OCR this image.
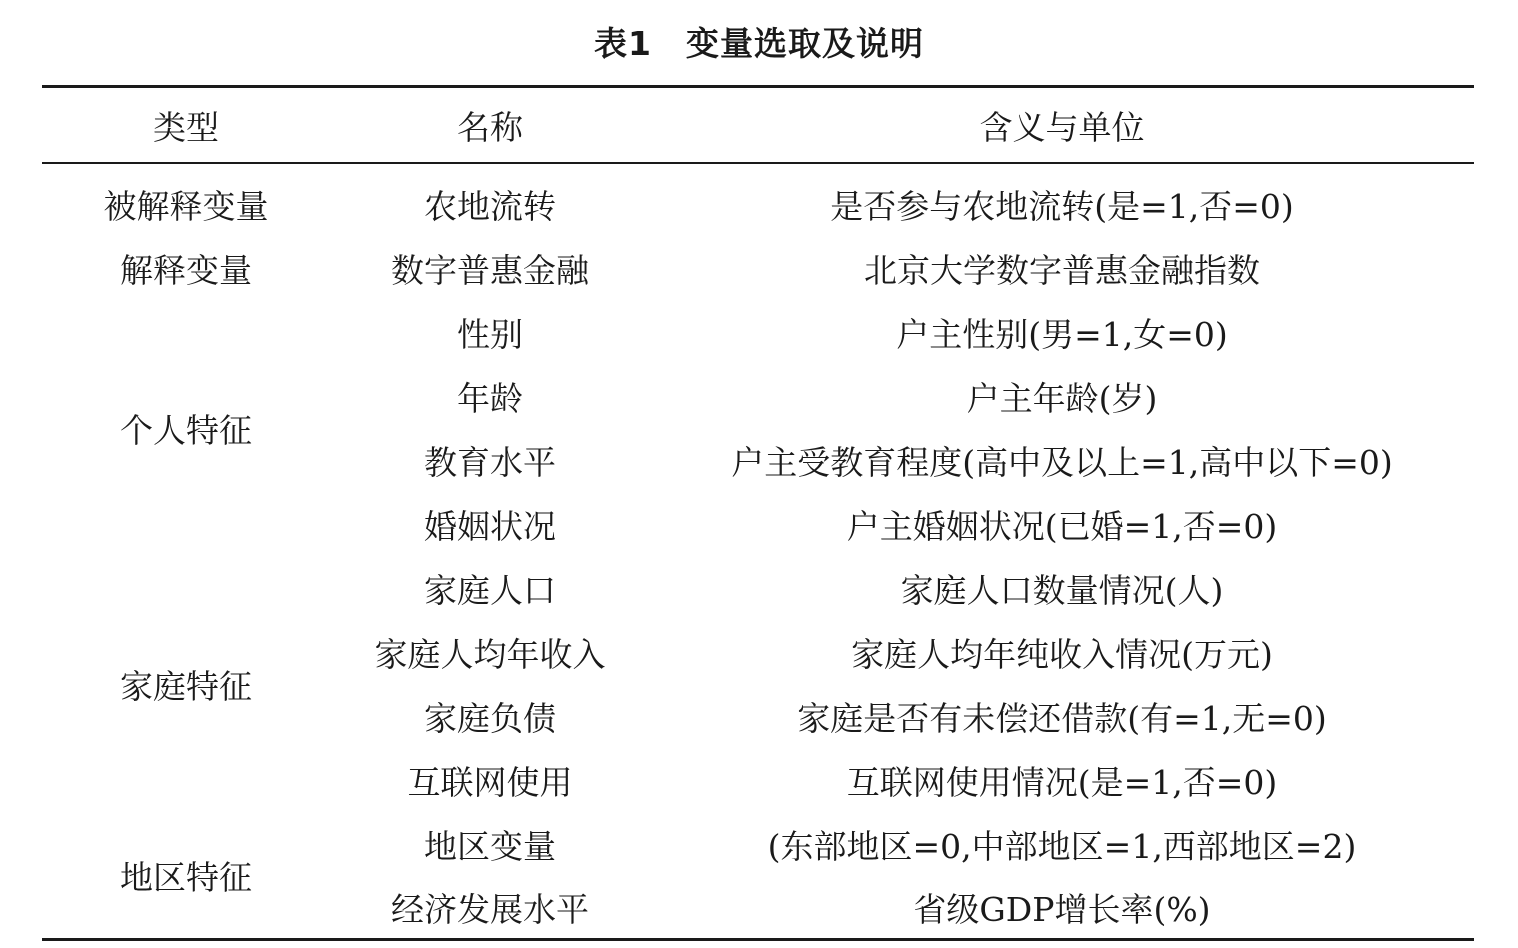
表1 变量选取及说明
类型	名称	含义与单位
被解释变量	农地流转	是否参与农地流转(是=1,否=0)
解释变量	数字普惠金融	北京大学数字普惠金融指数
个人特征	性别	户主性别(男=1,女=0)
	年龄	户主年龄(岁)
	教育水平	户主受教育程度(高中及以上=1,高中以下=0)
	婚姻状况	户主婚姻状况(已婚=1,否=0)
家庭特征	家庭人口	家庭人口数量情况(人)
	家庭人均年收入	家庭人均年纯收入情况(万元)
	家庭负债	家庭是否有未偿还借款(有=1,无=0)
	互联网使用	互联网使用情况(是=1,否=0)
地区特征	地区变量	(东部地区=0,中部地区=1,西部地区=2)
	经济发展水平	省级GDP增长率(%)
